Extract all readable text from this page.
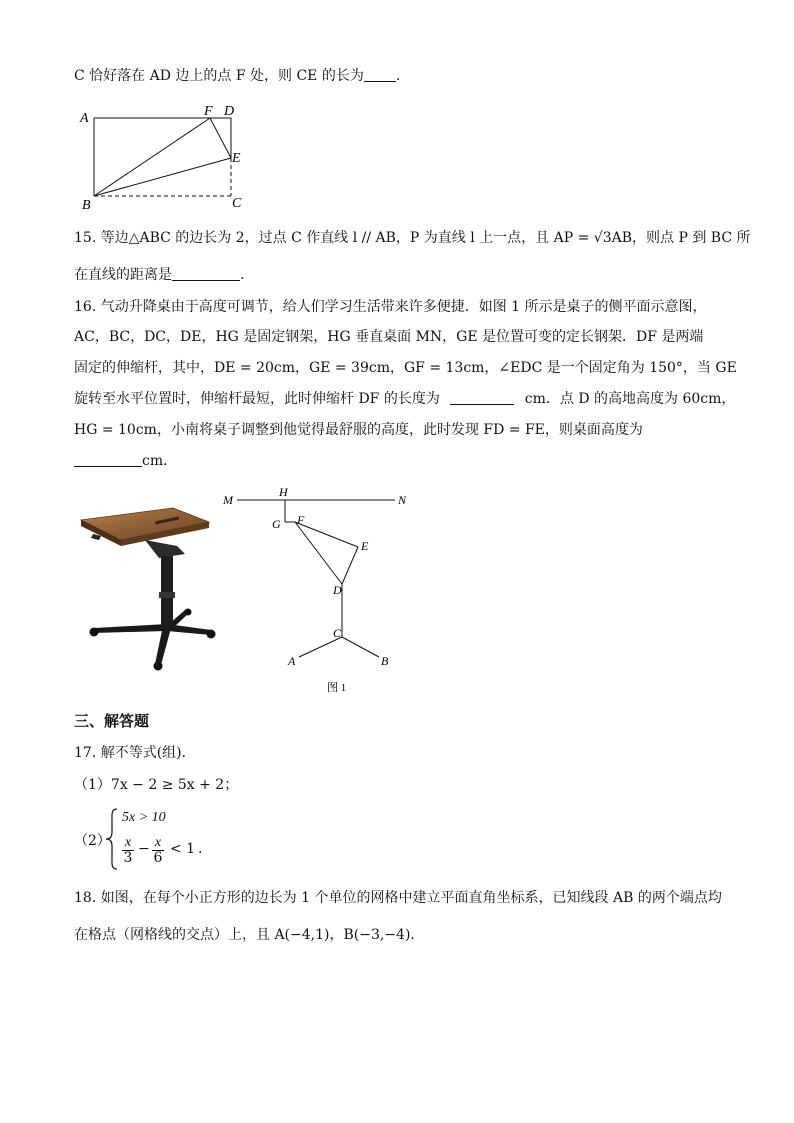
C 恰好落在 AD 边上的点 F 处，则 CE 的长为 .
A
B	C
D
E
F
15. 等边△ABC 的边长为 2，过点 C 作直线 l // AB，P 为直线 l 上一点，且 AP = √3AB，则点 P 到 BC 所
在直线的距离是	.
16. 气动升降桌由于高度可调节，给人们学习生活带来许多便捷．如图 1 所示是桌子的侧平面示意图，
AC，BC，DC，DE，HG 是固定钢架，HG 垂直桌面 MN，GE 是位置可变的定长钢架．DF 是两端
固定的伸缩杆，其中，DE = 20cm，GE = 39cm，GF = 13cm，∠EDC 是一个固定角为 150°，当 GE
旋转至水平位置时，伸缩杆最短，此时伸缩杆 DF 的长度为	cm．点 D 的高地高度为 60cm，
HG = 10cm，小南将桌子调整到他觉得最舒服的高度，此时发现 FD = FE，则桌面高度为
cm．
M
H
N
G F
E
D
C
A	B
图 1
三、解答题
17. 解不等式(组)．
（1）7x − 2 ≥ 5x + 2；
（2）
5x > 10
$\frac{x}{3} - \frac{x}{6} < 1$ .
18. 如图，在每个小正方形的边长为 1 个单位的网格中建立平面直角坐标系，已知线段 AB 的两个端点均
在格点（网格线的交点）上，且 A(−4,1)，B(−3,−4)．
